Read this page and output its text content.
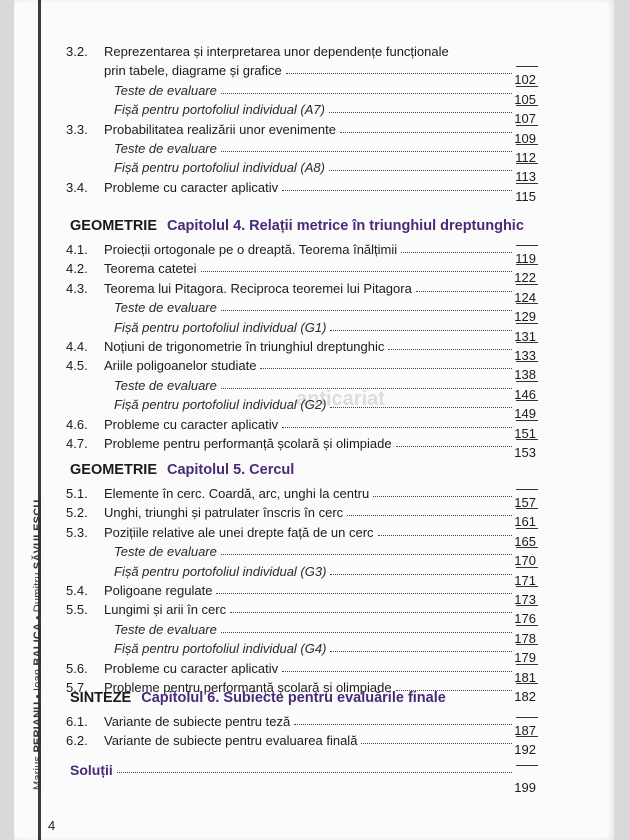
Marius PERIANU • Ioan BALICA • Dumitru SĂVULESCU
4
anticariat
3.2. Reprezentarea și interpretarea unor dependențe funcționale
prin tabele, diagrame și grafice
102
Teste de evaluare
105
Fișă pentru portofoliul individual (A7)
107
3.3. Probabilitatea realizării unor evenimente
109
Teste de evaluare
112
Fișă pentru portofoliul individual (A8)
113
3.4. Probleme cu caracter aplicativ
115
GEOMETRIE Capitolul 4. Relații metrice în triunghiul dreptunghic
4.1. Proiecții ortogonale pe o dreaptă. Teorema înălțimii
119
4.2. Teorema catetei
122
4.3. Teorema lui Pitagora. Reciproca teoremei lui Pitagora
124
Teste de evaluare
129
Fișă pentru portofoliul individual (G1)
131
4.4. Noțiuni de trigonometrie în triunghiul dreptunghic
133
4.5. Ariile poligoanelor studiate
138
Teste de evaluare
146
Fișă pentru portofoliul individual (G2)
149
4.6. Probleme cu caracter aplicativ
151
4.7. Probleme pentru performanță școlară și olimpiade
153
GEOMETRIE Capitolul 5. Cercul
5.1. Elemente în cerc. Coardă, arc, unghi la centru
157
5.2. Unghi, triunghi și patrulater înscris în cerc
161
5.3. Pozițiile relative ale unei drepte față de un cerc
165
Teste de evaluare
170
Fișă pentru portofoliul individual (G3)
171
5.4. Poligoane regulate
173
5.5. Lungimi și arii în cerc
176
Teste de evaluare
178
Fișă pentru portofoliul individual (G4)
179
5.6. Probleme cu caracter aplicativ
181
5.7. Probleme pentru performanță școlară și olimpiade
182
SINTEZE Capitolul 6. Subiecte pentru evaluările finale
6.1. Variante de subiecte pentru teză
187
6.2. Variante de subiecte pentru evaluarea finală
192
Soluții
199
